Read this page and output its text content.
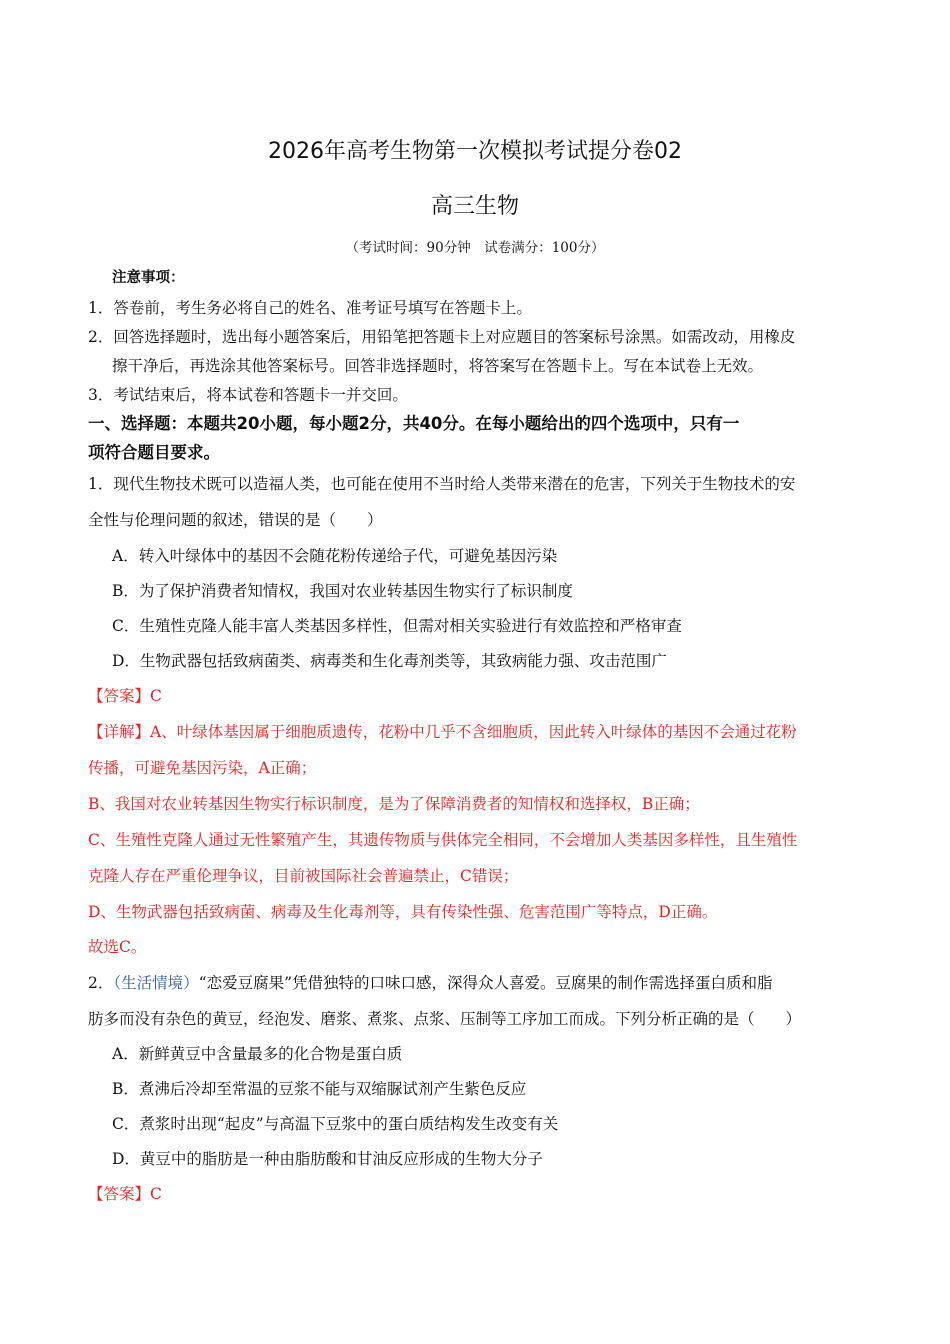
2026年高考生物第一次模拟考试提分卷02
高三生物
（考试时间：90分钟　试卷满分：100分）
注意事项：
1．答卷前，考生务必将自己的姓名、准考证号填写在答题卡上。
2．回答选择题时，选出每小题答案后，用铅笔把答题卡上对应题目的答案标号涂黑。如需改动，用橡皮
擦干净后，再选涂其他答案标号。回答非选择题时，将答案写在答题卡上。写在本试卷上无效。
3．考试结束后，将本试卷和答题卡一并交回。
一、选择题：本题共20小题，每小题2分，共40分。在每小题给出的四个选项中，只有一
项符合题目要求。
1．现代生物技术既可以造福人类，也可能在使用不当时给人类带来潜在的危害，下列关于生物技术的安
全性与伦理问题的叙述，错误的是（　　）
A．转入叶绿体中的基因不会随花粉传递给子代，可避免基因污染
B．为了保护消费者知情权，我国对农业转基因生物实行了标识制度
C．生殖性克隆人能丰富人类基因多样性，但需对相关实验进行有效监控和严格审查
D．生物武器包括致病菌类、病毒类和生化毒剂类等，其致病能力强、攻击范围广
【答案】C
【详解】A、叶绿体基因属于细胞质遗传，花粉中几乎不含细胞质，因此转入叶绿体的基因不会通过花粉
传播，可避免基因污染，A正确；
B、我国对农业转基因生物实行标识制度，是为了保障消费者的知情权和选择权，B正确；
C、生殖性克隆人通过无性繁殖产生，其遗传物质与供体完全相同，不会增加人类基因多样性，且生殖性
克隆人存在严重伦理争议，目前被国际社会普遍禁止，C错误；
D、生物武器包括致病菌、病毒及生化毒剂等，具有传染性强、危害范围广等特点，D正确。
故选C。
2．（生活情境）“恋爱豆腐果”凭借独特的口味口感，深得众人喜爱。豆腐果的制作需选择蛋白质和脂
肪多而没有杂色的黄豆，经泡发、磨浆、煮浆、点浆、压制等工序加工而成。下列分析正确的是（　　）
A．新鲜黄豆中含量最多的化合物是蛋白质
B．煮沸后冷却至常温的豆浆不能与双缩脲试剂产生紫色反应
C．煮浆时出现“起皮”与高温下豆浆中的蛋白质结构发生改变有关
D．黄豆中的脂肪是一种由脂肪酸和甘油反应形成的生物大分子
【答案】C
